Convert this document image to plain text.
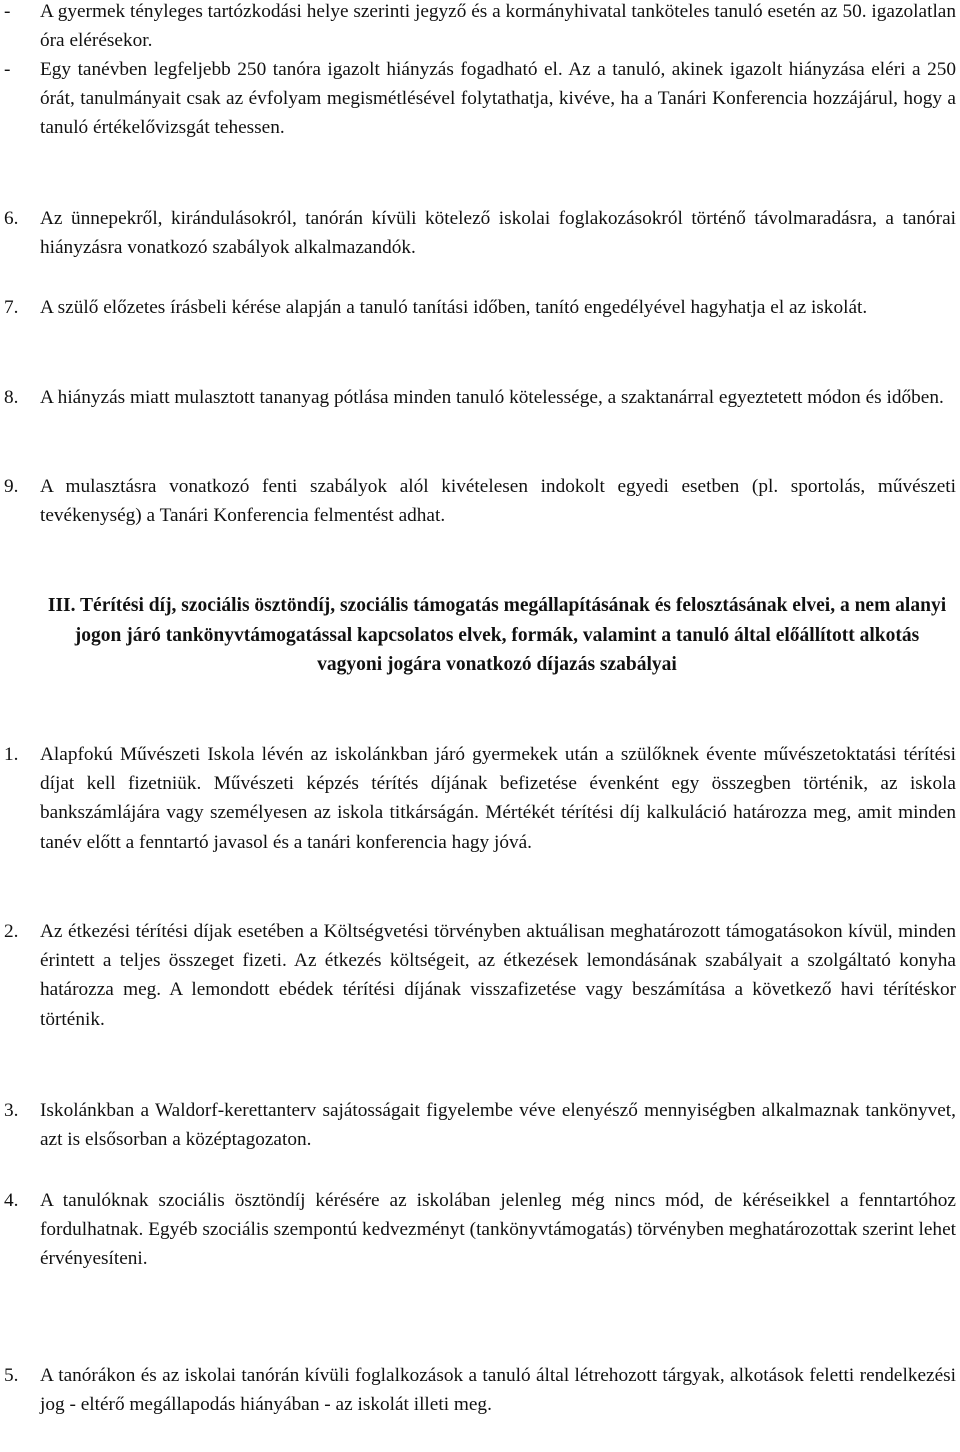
- A gyermek tényleges tartózkodási helye szerinti jegyző és a kormányhivatal tanköteles tanuló esetén az 50. igazolatlan óra elérésekor.
- Egy tanévben legfeljebb 250 tanóra igazolt hiányzás fogadható el. Az a tanuló, akinek igazolt hiányzása eléri a 250 órát, tanulmányait csak az évfolyam megismétlésével folytathatja, kivéve, ha a Tanári Konferencia hozzájárul, hogy a tanuló értékelővizsgát tehessen.
6. Az ünnepekről, kirándulásokról, tanórán kívüli kötelező iskolai foglakozásokról történő távolmaradásra, a tanórai hiányzásra vonatkozó szabályok alkalmazandók.
7. A szülő előzetes írásbeli kérése alapján a tanuló tanítási időben, tanító engedélyével hagyhatja el az iskolát.
8. A hiányzás miatt mulasztott tananyag pótlása minden tanuló kötelessége, a szaktanárral egyeztetett módon és időben.
9. A mulasztásra vonatkozó fenti szabályok alól kivételesen indokolt egyedi esetben (pl. sportolás, művészeti tevékenység) a Tanári Konferencia felmentést adhat.
III. Térítési díj, szociális ösztöndíj, szociális támogatás megállapításának és felosztásának elvei, a nem alanyi jogon járó tankönyvtámogatással kapcsolatos elvek, formák, valamint a tanuló által előállított alkotás vagyoni jogára vonatkozó díjazás szabályai
1. Alapfokú Művészeti Iskola lévén az iskolánkban járó gyermekek után a szülőknek évente művészetoktatási térítési díjat kell fizetniük. Művészeti képzés térítés díjának befizetése évenként egy összegben történik, az iskola bankszámlájára vagy személyesen az iskola titkárságán. Mértékét térítési díj kalkuláció határozza meg, amit minden tanév előtt a fenntartó javasol és a tanári konferencia hagy jóvá.
2. Az étkezési térítési díjak esetében a Költségvetési törvényben aktuálisan meghatározott támogatásokon kívül, minden érintett a teljes összeget fizeti. Az étkezés költségeit, az étkezések lemondásának szabályait a szolgáltató konyha határozza meg. A lemondott ebédek térítési díjának visszafizetése vagy beszámítása a következő havi térítéskor történik.
3. Iskolánkban a Waldorf-kerettanterv sajátosságait figyelembe véve elenyésző mennyiségben alkalmaznak tankönyvet, azt is elsősorban a középtagozaton.
4. A tanulóknak szociális ösztöndíj kérésére az iskolában jelenleg még nincs mód, de kéréseikkel a fenntartóhoz fordulhatnak. Egyéb szociális szempontú kedvezményt (tankönyvtámogatás) törvényben meghatározottak szerint lehet érvényesíteni.
5. A tanórákon és az iskolai tanórán kívüli foglalkozások a tanuló által létrehozott tárgyak, alkotások feletti rendelkezési jog - eltérő megállapodás hiányában - az iskolát illeti meg.
